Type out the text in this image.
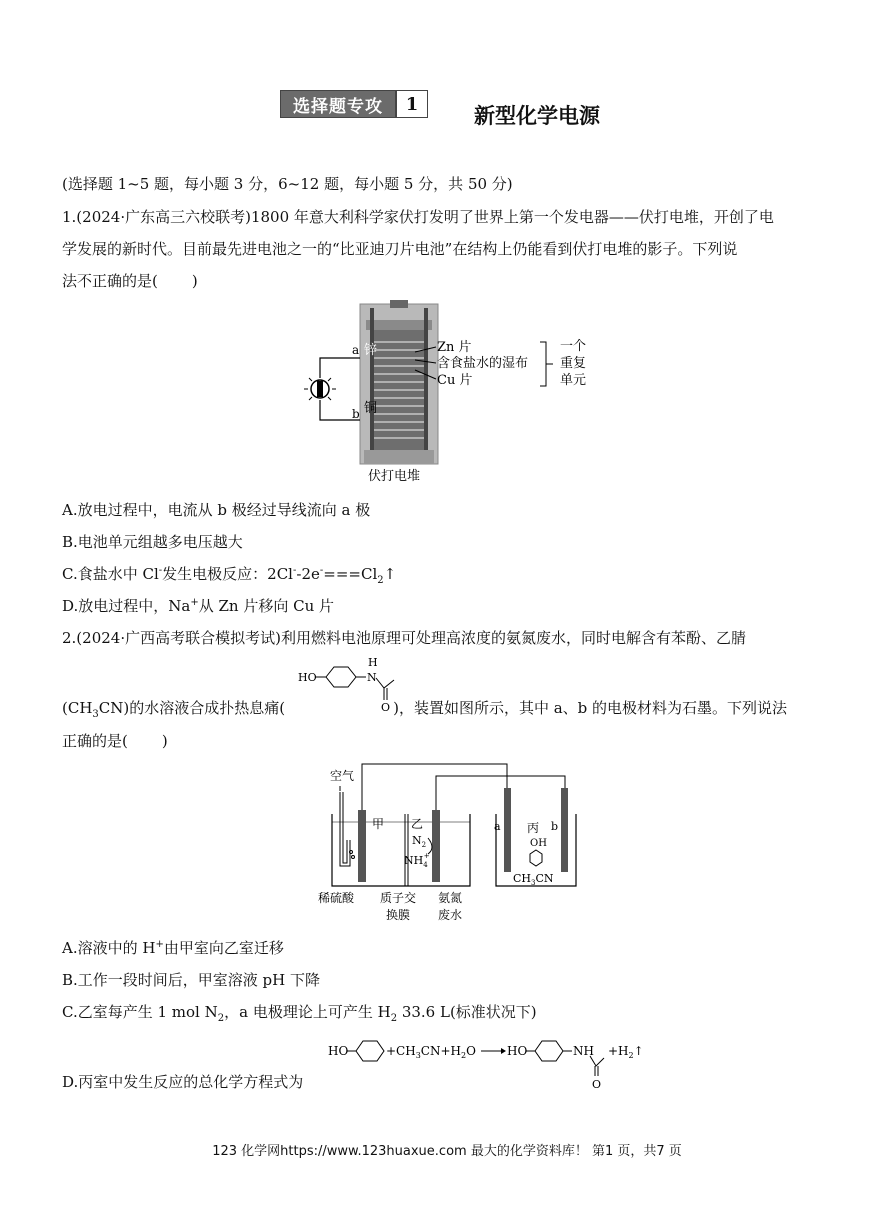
选择题专攻	1	新型化学电源
(选择题 1~5 题，每小题 3 分，6~12 题，每小题 5 分，共 50 分)
1.(2024·广东高三六校联考)1800 年意大利科学家伏打发明了世界上第一个发电器——伏打电堆，开创了电
学发展的新时代。目前最先进电池之一的“比亚迪刀片电池”在结构上仍能看到伏打电堆的影子。下列说
法不正确的是( )
a 锌
b 铜
Zn 片
含食盐水的湿布
Cu 片
一个
重复
单元
伏打电堆
A.放电过程中，电流从 b 极经过导线流向 a 极
B.电池单元组越多电压越大
C.食盐水中 Cl-发生电极反应：$2Cl^--2e^-===Cl_2↑$
D.放电过程中，Na+从 Zn 片移向 Cu 片
2.(2024·广西高考联合模拟考试)利用燃料电池原理可处理高浓度的氨氮废水，同时电解含有苯酚、乙腈
HO	N
H
O
$(CH_3CN)$的水溶液合成扑热息痛(	)，装置如图所示，其中 a、b 的电极材料为石墨。下列说法
正确的是( )
空气
甲 乙
$N_2$
$NH_4+$
a	b
丙
OH
$CH_3CN$
稀硫酸 质子交
换膜
氨氮
废水
A.溶液中的 H+由甲室向乙室迁移
B.工作一段时间后，甲室溶液 pH 下降
C.乙室每产生 1 mol $N_2$，a 电极理论上可产生 $H_2$ 33.6 L(标准状况下)
HO	$+CH_3CN+H_2O$	HO	NH
O
$+H_2↑$
D.丙室中发生反应的总化学方程式为
123 化学网https://www.123huaxue.com 最大的化学资料库！ 第1 页，共7 页
